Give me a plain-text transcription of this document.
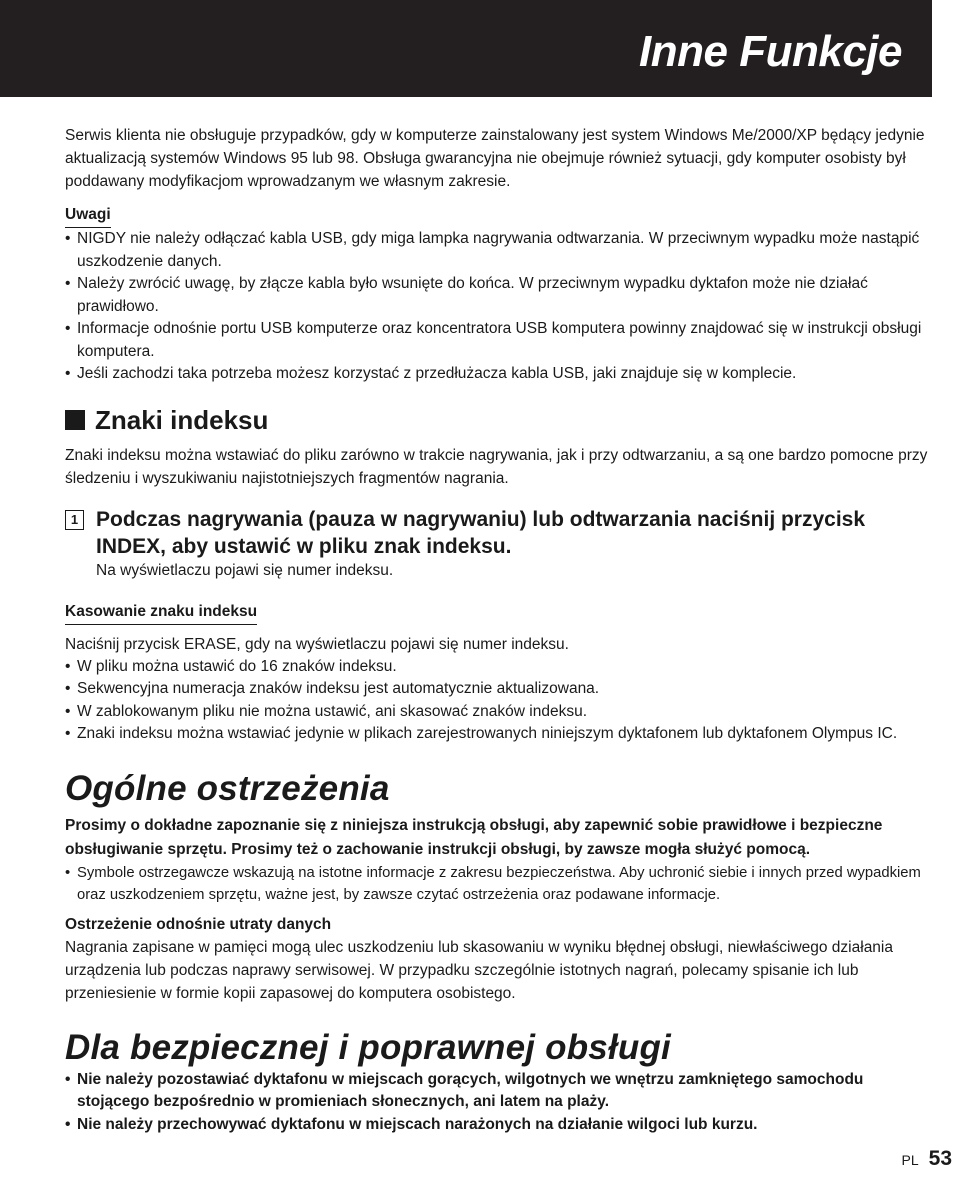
Inne Funkcje

Serwis klienta nie obsługuje przypadków, gdy w komputerze zainstalowany jest system Windows Me/2000/XP będący jedynie aktualizacją systemów Windows 95 lub 98. Obsługa gwarancyjna nie obejmuje również sytuacji, gdy komputer osobisty był poddawany modyfikacjom wprowadzanym we własnym zakresie.

Uwagi
• NIGDY nie należy odłączać kabla USB, gdy miga lampka nagrywania odtwarzania. W przeciwnym wypadku może nastąpić uszkodzenie danych.
• Należy zwrócić uwagę, by złącze kabla było wsunięte do końca. W przeciwnym wypadku dyktafon może nie działać prawidłowo.
• Informacje odnośnie portu USB komputerze oraz koncentratora USB komputera powinny znajdować się w instrukcji obsługi komputera.
• Jeśli zachodzi taka potrzeba możesz korzystać z przedłużacza kabla USB, jaki znajduje się w komplecie.
Znaki indeksu

Znaki indeksu można wstawiać do pliku zarówno w trakcie nagrywania, jak i przy odtwarzaniu, a są one bardzo pomocne przy śledzeniu i wyszukiwaniu najistotniejszych fragmentów nagrania.

1 Podczas nagrywania (pauza w nagrywaniu) lub odtwarzania naciśnij przycisk INDEX, aby ustawić w pliku znak indeksu.
Na wyświetlaczu pojawi się numer indeksu.
Kasowanie znaku indeksu

Naciśnij przycisk ERASE, gdy na wyświetlaczu pojawi się numer indeksu.

• W pliku można ustawić do 16 znaków indeksu.
• Sekwencyjna numeracja znaków indeksu jest automatycznie aktualizowana.
• W zablokowanym pliku nie można ustawić, ani skasować znaków indeksu.
• Znaki indeksu można wstawiać jedynie w plikach zarejestrowanych niniejszym dyktafonem lub dyktafonem Olympus IC.
Ogólne ostrzeżenia

Prosimy o dokładne zapoznanie się z niniejsza instrukcją obsługi, aby zapewnić sobie prawidłowe i bezpieczne obsługiwanie sprzętu. Prosimy też o zachowanie instrukcji obsługi, by zawsze mogła służyć pomocą.

• Symbole ostrzegawcze wskazują na istotne informacje z zakresu bezpieczeństwa. Aby uchronić siebie i innych przed wypadkiem oraz uszkodzeniem sprzętu, ważne jest, by zawsze czytać ostrzeżenia oraz podawane informacje.

Ostrzeżenie odnośnie utraty danych

Nagrania zapisane w pamięci mogą ulec uszkodzeniu lub skasowaniu w wyniku błędnej obsługi, niewłaściwego działania urządzenia lub podczas naprawy serwisowej. W przypadku szczególnie istotnych nagrań, polecamy spisanie ich lub przeniesienie w formie kopii zapasowej do komputera osobistego.

Dla bezpiecznej i poprawnej obsługi
• Nie należy pozostawiać dyktafonu w miejscach gorących, wilgotnych we wnętrzu zamkniętego samochodu stojącego bezpośrednio w promieniach słonecznych, ani latem na plaży.
• Nie należy przechowywać dyktafonu w miejscach narażonych na działanie wilgoci lub kurzu.
PL 53
